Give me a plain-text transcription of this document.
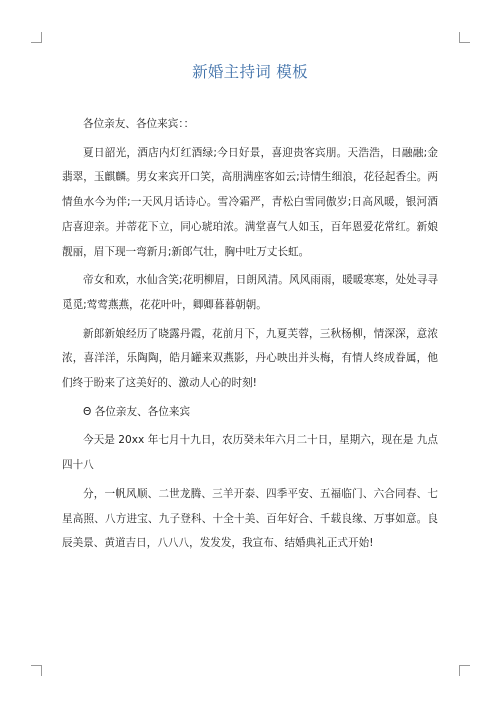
新婚主持词 模板

各位亲友、各位来宾：：

夏日韶光，酒店内灯红酒绿;今日好景，喜迎贵客宾朋。天浩浩，日融融;金翡翠，玉麒麟。男女来宾开口笑，高朋满座客如云;诗情生细浪，花径起香尘。两情鱼水今为伴;一天风月话诗心。雪冷霜严，青松白雪同傲岁;日高风暖，银河酒店喜迎亲。并蒂花下立，同心琥珀浓。满堂喜气人如玉，百年恩爱花常红。新娘靓丽，眉下现一弯新月;新郎气壮，胸中吐万丈长虹。

帝女和欢，水仙含笑;花明柳眉，日朗风清。风风雨雨，暖暖寒寒，处处寻寻觅觅;莺莺燕燕，花花叶叶，卿卿暮暮朝朝。

新郎新娘经历了晓露丹霞，花前月下，九夏芙蓉，三秋杨柳，情深深，意浓浓，喜洋洋，乐陶陶，皓月罐来双燕影，丹心映出并头梅，有情人终成眷属，他们终于盼来了这美好的、激动人心的时刻!

Θ 各位亲友、各位来宾

今天是 20xx 年七月十九日，农历癸未年六月二十日，星期六，现在是 九点四十八

分，一帆风顺、二世龙腾、三羊开泰、四季平安、五福临门、六合同春、七星高照、八方进宝、九子登科、十全十美、百年好合、千载良缘、万事如意。良辰美景、黄道吉日，八八八，发发发，我宣布、结婚典礼正式开始!
